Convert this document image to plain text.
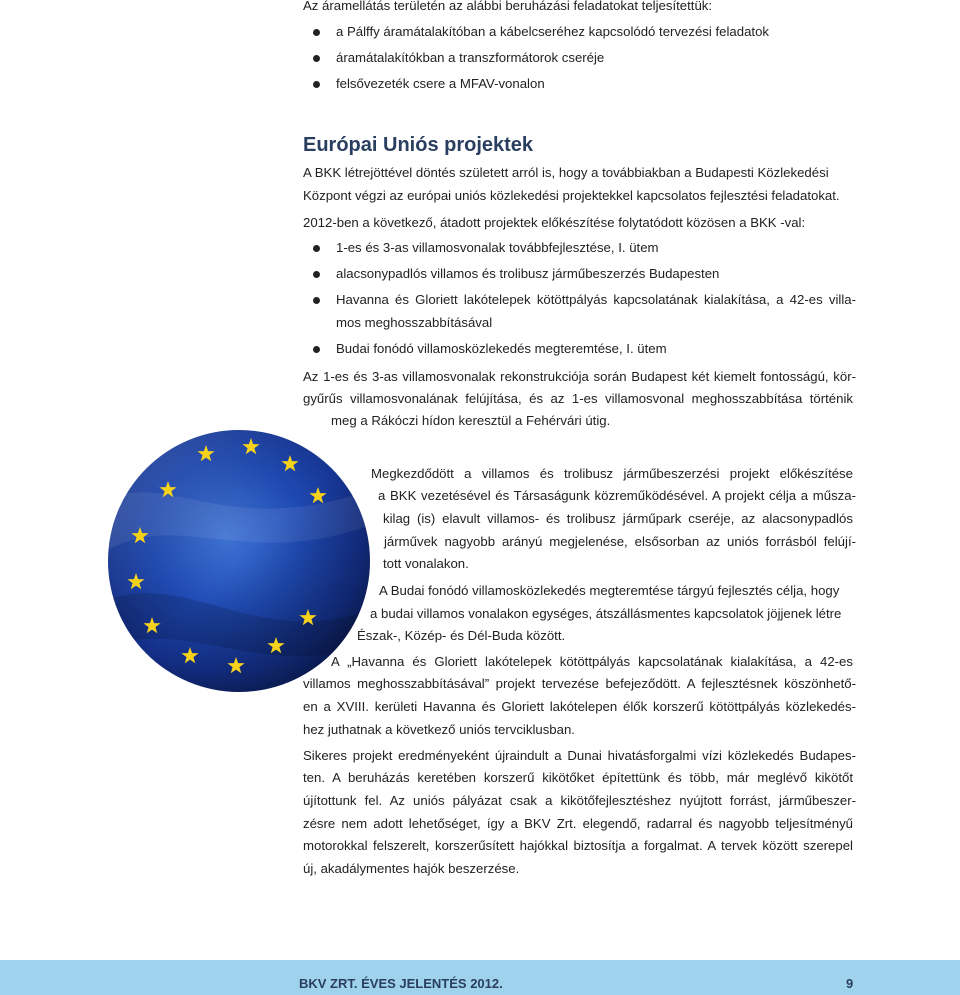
Az áramellátás területén az alábbi beruházási feladatokat teljesítettük:
a Pálffy áramátalakítóban a kábelcseréhez kapcsolódó tervezési feladatok
áramátalakítókban a transzformátorok cseréje
felsővezeték csere a MFAV-vonalon
Európai Uniós projektek
A BKK létrejöttével döntés született arról is, hogy a továbbiakban a Budapesti Közlekedési
Központ végzi az európai uniós közlekedési projektekkel kapcsolatos fejlesztési feladatokat.
2012-ben a következő, átadott projektek előkészítése folytatódott közösen a BKK -val:
1-es és 3-as villamosvonalak továbbfejlesztése, I. ütem
alacsonypadlós villamos és trolibusz járműbeszerzés Budapesten
Havanna és Gloriett lakótelepek kötöttpályás kapcsolatának kialakítása, a 42-es villa-
mos meghosszabbításával
Budai fonódó villamosközlekedés megteremtése, I. ütem
Az 1-es és 3-as villamosvonalak rekonstrukciója során Budapest két kiemelt fontosságú, kör-
gyűrűs villamosvonalának felújítása, és az 1-es villamosvonal meghosszabbítása történik
meg a Rákóczi hídon keresztül a Fehérvári útig.
Megkezdődött a villamos és trolibusz járműbeszerzési projekt előkészítése
a BKK vezetésével és Társaságunk közreműködésével. A projekt célja a műsza-
kilag (is) elavult villamos- és trolibusz járműpark cseréje, az alacsonypadlós
járművek nagyobb arányú megjelenése, elsősorban az uniós forrásból felújí-
tott vonalakon.
A Budai fonódó villamosközlekedés megteremtése tárgyú fejlesztés célja, hogy
a budai villamos vonalakon egységes, átszállásmentes kapcsolatok jöjjenek létre
Észak-, Közép- és Dél-Buda között.
A „Havanna és Gloriett lakótelepek kötöttpályás kapcsolatának kialakítása, a 42-es
villamos meghosszabbításával” projekt tervezése befejeződött. A fejlesztésnek köszönhető-
en a XVIII. kerületi Havanna és Gloriett lakótelepen élők korszerű kötöttpályás közlekedés-
hez juthatnak a következő uniós tervciklusban.
Sikeres projekt eredményeként újraindult a Dunai hivatásforgalmi vízi közlekedés Budapes-
ten. A beruházás keretében korszerű kikötőket építettünk és több, már meglévő kikötőt
újítottunk fel. Az uniós pályázat csak a kikötőfejlesztéshez nyújtott forrást, járműbeszer-
zésre nem adott lehetőséget, így a BKV Zrt. elegendő, radarral és nagyobb teljesítményű
motorokkal felszerelt, korszerűsített hajókkal biztosítja a forgalmat. A tervek között szerepel
új, akadálymentes hajók beszerzése.
BKV ZRT. ÉVES JELENTÉS 2012.	9
